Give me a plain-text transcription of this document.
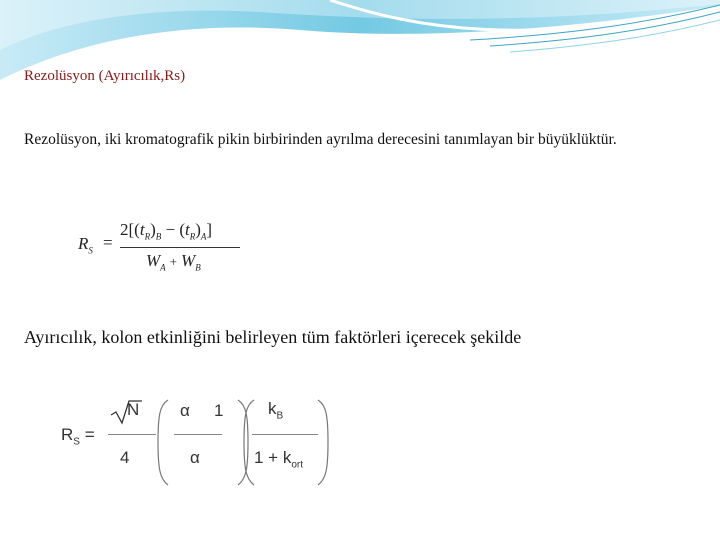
Rezolüsyon (Ayırıcılık,Rs)
Rezolüsyon, iki kromatografik pikin birbirinden ayrılma derecesini tanımlayan bir büyüklüktür.
$R_S$ =
$2[(t_R)_B - (t_R)_A]$
$W_A + W_B$
Ayırıcılık, kolon etkinliğini belirleyen tüm faktörleri içerecek şekilde
$R_S$ =
N
4
α 1
α
$k_B$
$1 + k_{ort}$
